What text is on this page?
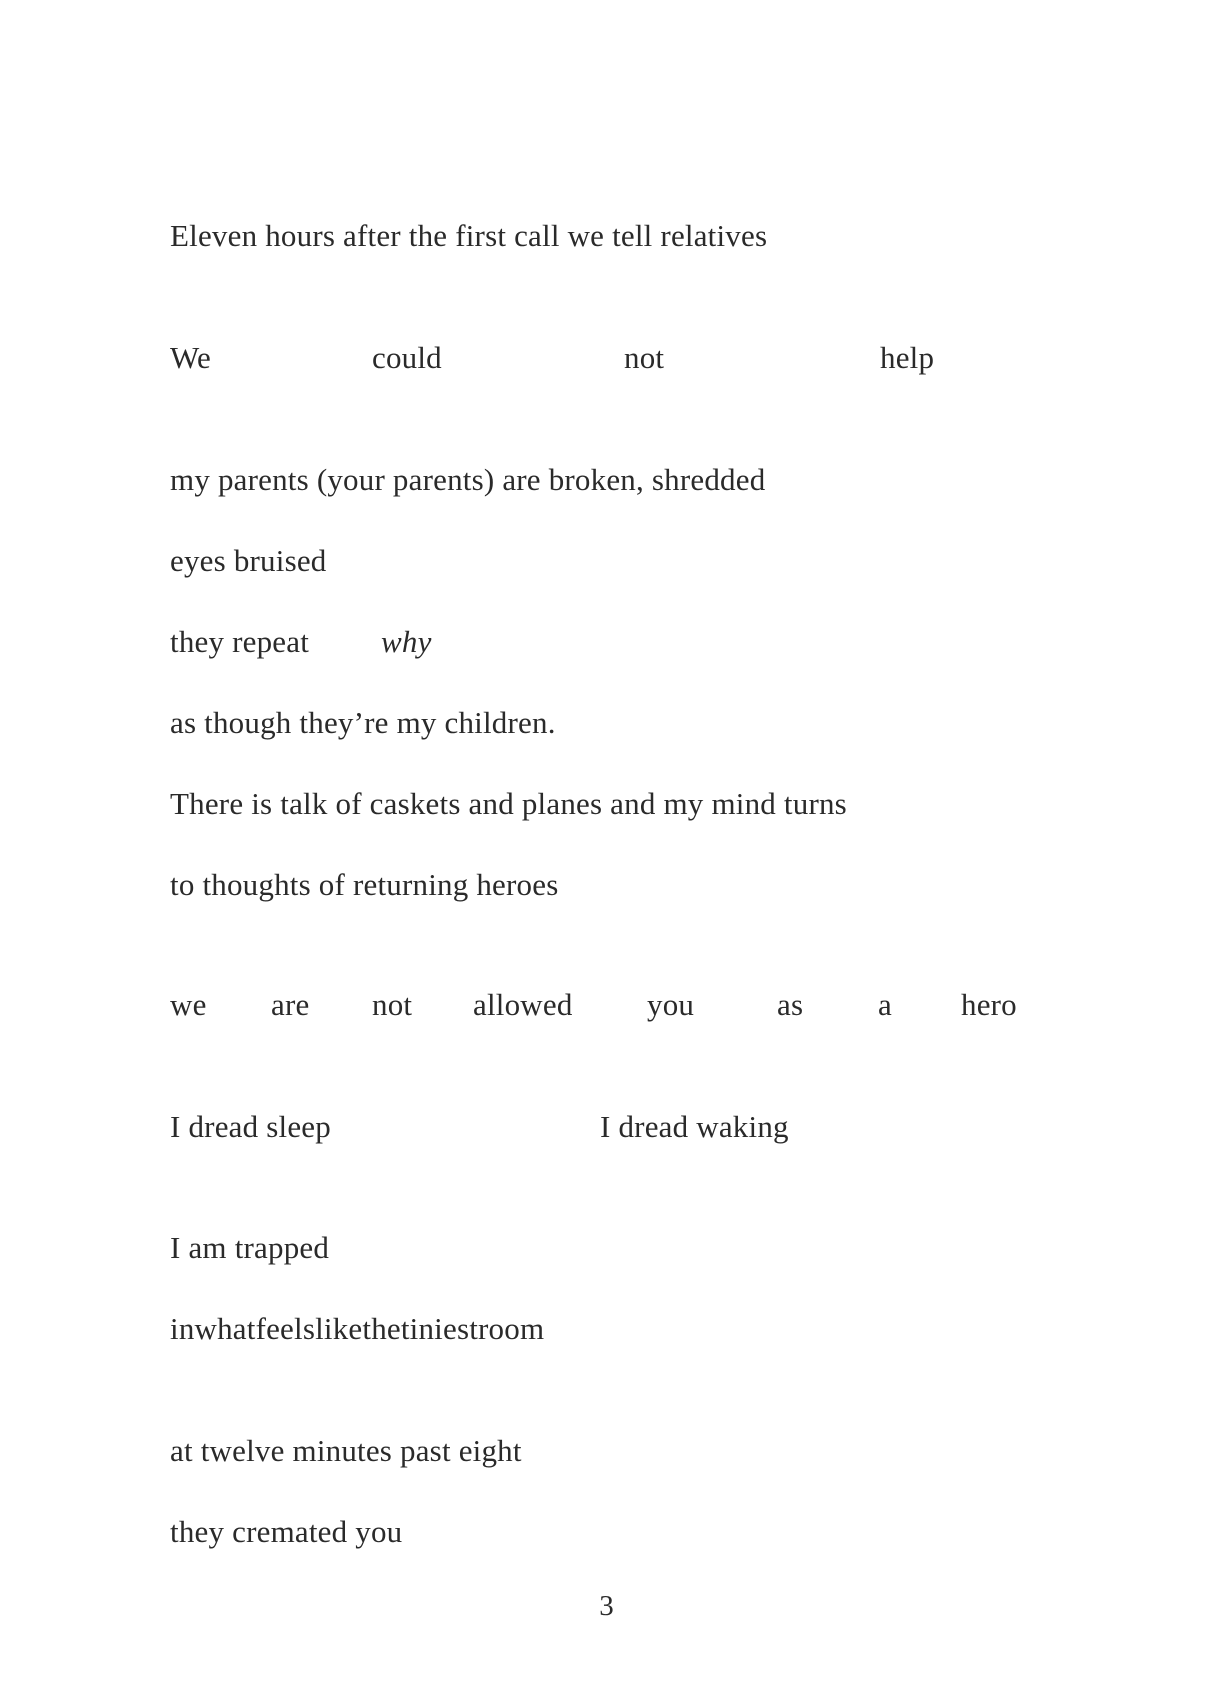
Eleven hours after the first call we tell relatives
We	could	not	help
my parents (your parents) are broken, shredded
eyes bruised
they repeat why
as though they’re my children.
There is talk of caskets and planes and my mind turns
to thoughts of returning heroes
we are not allowed you	as a hero
I dread sleep	I dread waking
I am trapped
inwhatfeelslikethetiniestroom
at twelve minutes past eight
they cremated you
3
